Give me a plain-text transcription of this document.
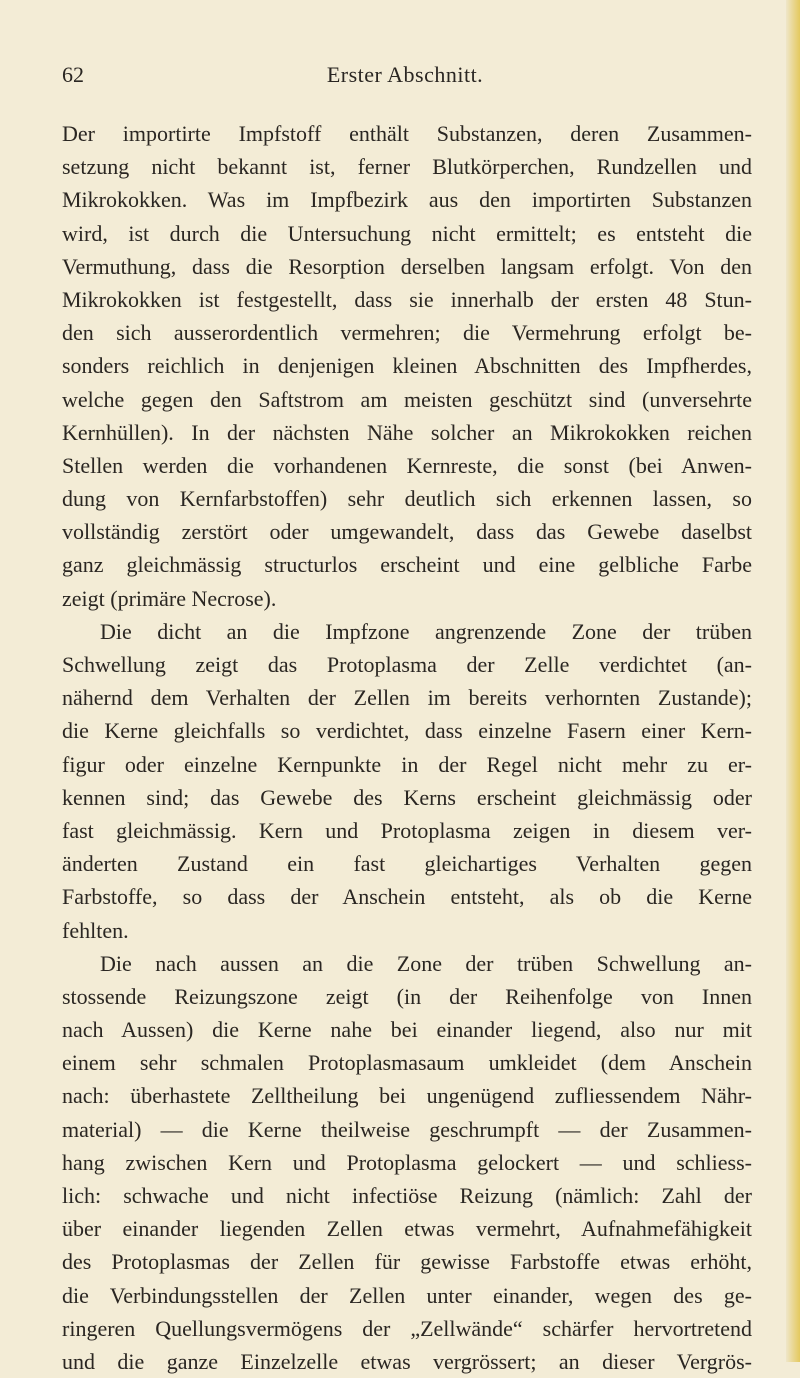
62	Erster Abschnitt.
Der importirte Impfstoff enthält Substanzen, deren Zusammen-
setzung nicht bekannt ist, ferner Blutkörperchen, Rundzellen und
Mikrokokken. Was im Impfbezirk aus den importirten Substanzen
wird, ist durch die Untersuchung nicht ermittelt; es entsteht die
Vermuthung, dass die Resorption derselben langsam erfolgt. Von den
Mikrokokken ist festgestellt, dass sie innerhalb der ersten 48 Stun-
den sich ausserordentlich vermehren; die Vermehrung erfolgt be-
sonders reichlich in denjenigen kleinen Abschnitten des Impfherdes,
welche gegen den Saftstrom am meisten geschützt sind (unversehrte
Kernhüllen). In der nächsten Nähe solcher an Mikrokokken reichen
Stellen werden die vorhandenen Kernreste, die sonst (bei Anwen-
dung von Kernfarbstoffen) sehr deutlich sich erkennen lassen, so
vollständig zerstört oder umgewandelt, dass das Gewebe daselbst
ganz gleichmässig structurlos erscheint und eine gelbliche Farbe
zeigt (primäre Necrose).
Die dicht an die Impfzone angrenzende Zone der trüben
Schwellung zeigt das Protoplasma der Zelle verdichtet (an-
nähernd dem Verhalten der Zellen im bereits verhornten Zustande);
die Kerne gleichfalls so verdichtet, dass einzelne Fasern einer Kern-
figur oder einzelne Kernpunkte in der Regel nicht mehr zu er-
kennen sind; das Gewebe des Kerns erscheint gleichmässig oder
fast gleichmässig. Kern und Protoplasma zeigen in diesem ver-
änderten Zustand ein fast gleichartiges Verhalten gegen
Farbstoffe, so dass der Anschein entsteht, als ob die Kerne
fehlten.
Die nach aussen an die Zone der trüben Schwellung an-
stossende Reizungszone zeigt (in der Reihenfolge von Innen
nach Aussen) die Kerne nahe bei einander liegend, also nur mit
einem sehr schmalen Protoplasmasaum umkleidet (dem Anschein
nach: überhastete Zelltheilung bei ungenügend zufliessendem Nähr-
material) — die Kerne theilweise geschrumpft — der Zusammen-
hang zwischen Kern und Protoplasma gelockert — und schliess-
lich: schwache und nicht infectiöse Reizung (nämlich: Zahl der
über einander liegenden Zellen etwas vermehrt, Aufnahmefähigkeit
des Protoplasmas der Zellen für gewisse Farbstoffe etwas erhöht,
die Verbindungsstellen der Zellen unter einander, wegen des ge-
ringeren Quellungsvermögens der „Zellwände“ schärfer hervortretend
und die ganze Einzelzelle etwas vergrössert; an dieser Vergrös-
